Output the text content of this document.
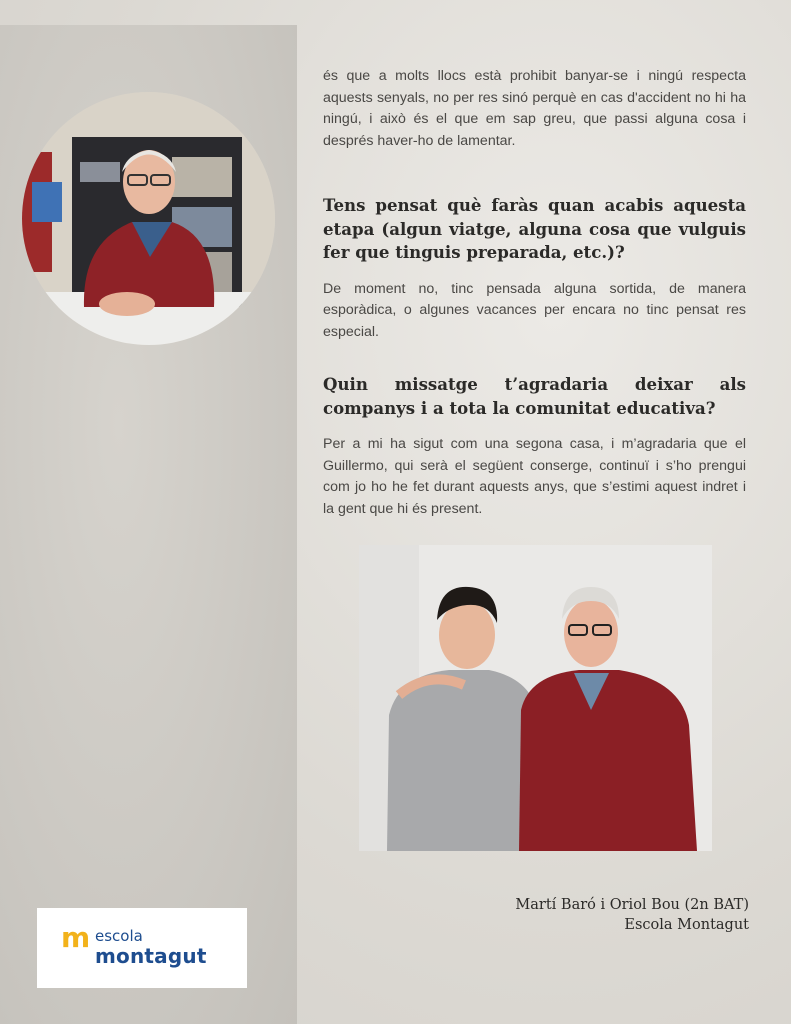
m escola
montagut

és que a molts llocs està prohibit banyar-se i ningú respecta aquests senyals, no per res sinó perquè en cas d'accident no hi ha ningú, i això és el que em sap greu, que passi alguna cosa i després haver-ho de lamentar.

Tens pensat què faràs quan acabis aquesta etapa (algun viatge, alguna cosa que vulguis fer que tinguis preparada, etc.)?

De moment no, tinc pensada alguna sortida, de manera esporàdica, o algunes vacances per encara no tinc pensat res especial.

Quin missatge t’agradaria deixar als companys i a tota la comunitat educativa?

Per a mi ha sigut com una segona casa, i m’agradaria que el Guillermo, qui serà el següent conserge, continuï i s’ho prengui com jo ho he fet durant aquests anys, que s’estimi aquest indret i la gent que hi és present.

Martí Baró i Oriol Bou (2n BAT)
Escola Montagut
